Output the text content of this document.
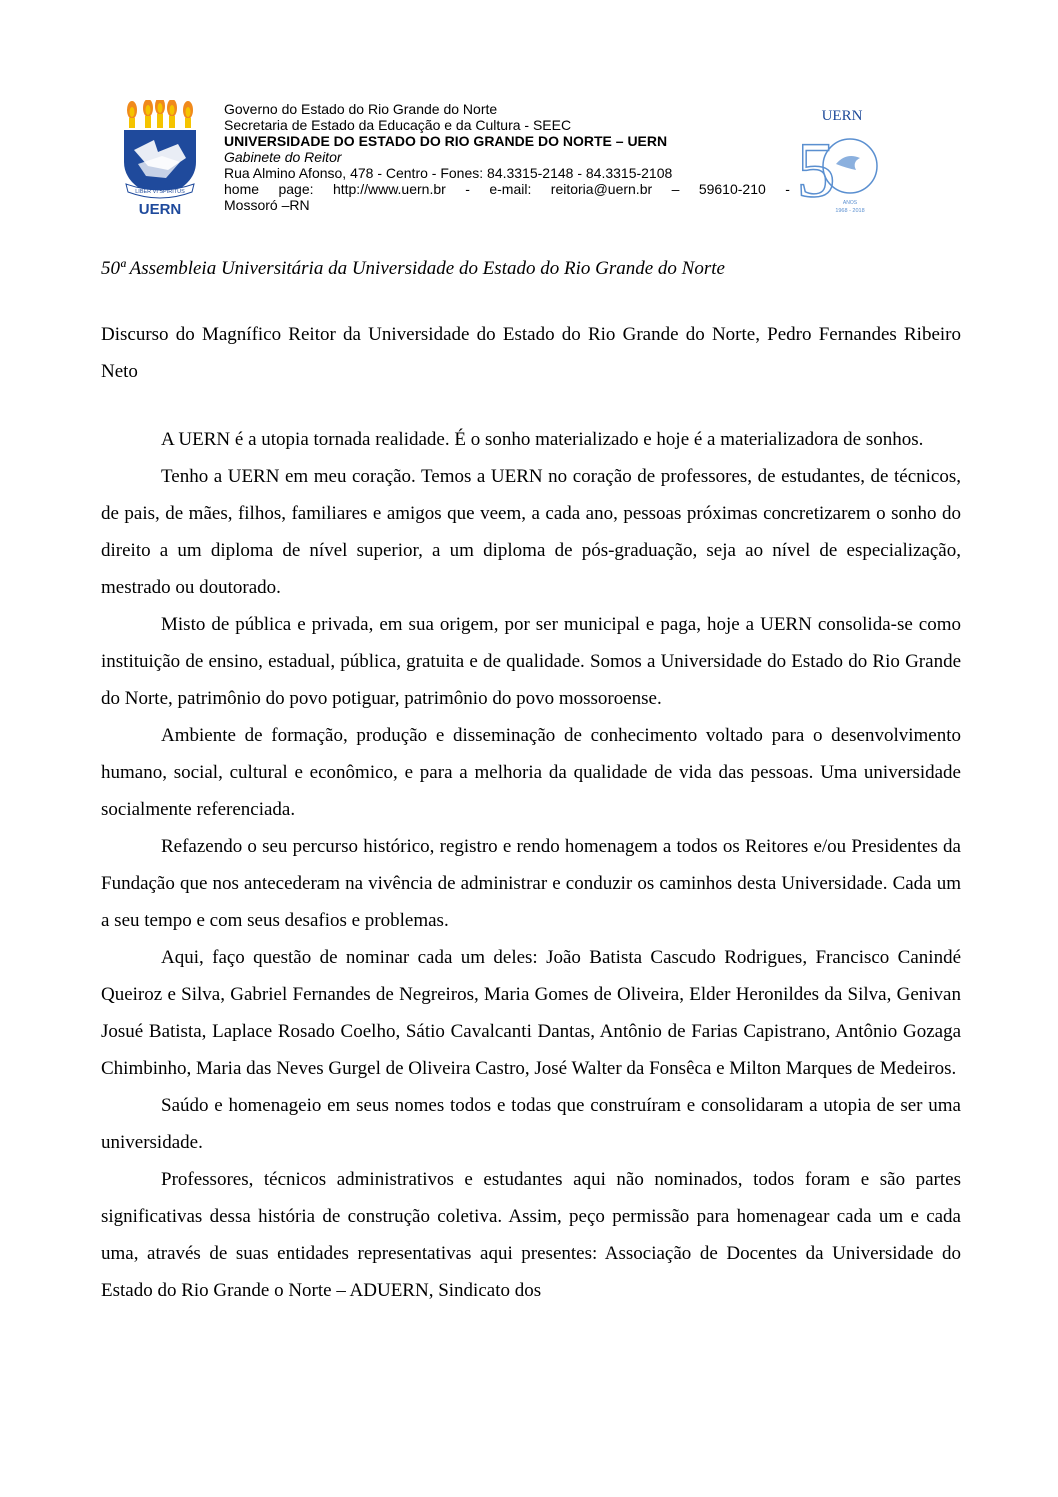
LIBER VI SPIRITUS
UERN
Governo do Estado do Rio Grande do Norte
Secretaria de Estado da Educação e da Cultura - SEEC
UNIVERSIDADE DO ESTADO DO RIO GRANDE DO NORTE – UERN
Gabinete do Reitor
Rua Almino Afonso, 478 - Centro - Fones: 84.3315-2148 - 84.3315-2108
home page: http://www.uern.br - e-mail: reitoria@uern.br – 59610-210 -
Mossoró –RN
UERN
5 ANOS
1968 - 2018
50ª Assembleia Universitária da Universidade do Estado do Rio Grande do Norte
Discurso do Magnífico Reitor da Universidade do Estado do Rio Grande do Norte, Pedro Fernandes Ribeiro Neto

A UERN é a utopia tornada realidade. É o sonho materializado e hoje é a materializadora de sonhos.

Tenho a UERN em meu coração. Temos a UERN no coração de professores, de estudantes, de técnicos, de pais, de mães, filhos, familiares e amigos que veem, a cada ano, pessoas próximas concretizarem o sonho do direito a um diploma de nível superior, a um diploma de pós-graduação, seja ao nível de especialização, mestrado ou doutorado.

Misto de pública e privada, em sua origem, por ser municipal e paga, hoje a UERN consolida-se como instituição de ensino, estadual, pública, gratuita e de qualidade. Somos a Universidade do Estado do Rio Grande do Norte, patrimônio do povo potiguar, patrimônio do povo mossoroense.

Ambiente de formação, produção e disseminação de conhecimento voltado para o desenvolvimento humano, social, cultural e econômico, e para a melhoria da qualidade de vida das pessoas. Uma universidade socialmente referenciada.

Refazendo o seu percurso histórico, registro e rendo homenagem a todos os Reitores e/ou Presidentes da Fundação que nos antecederam na vivência de administrar e conduzir os caminhos desta Universidade. Cada um a seu tempo e com seus desafios e problemas.

Aqui, faço questão de nominar cada um deles: João Batista Cascudo Rodrigues, Francisco Canindé Queiroz e Silva, Gabriel Fernandes de Negreiros, Maria Gomes de Oliveira, Elder Heronildes da Silva, Genivan Josué Batista, Laplace Rosado Coelho, Sátio Cavalcanti Dantas, Antônio de Farias Capistrano, Antônio Gozaga Chimbinho, Maria das Neves Gurgel de Oliveira Castro, José Walter da Fonsêca e Milton Marques de Medeiros.

Saúdo e homenageio em seus nomes todos e todas que construíram e consolidaram a utopia de ser uma universidade.

Professores, técnicos administrativos e estudantes aqui não nominados, todos foram e são partes significativas dessa história de construção coletiva. Assim, peço permissão para homenagear cada um e cada uma, através de suas entidades representativas aqui presentes: Associação de Docentes da Universidade do Estado do Rio Grande o Norte – ADUERN, Sindicato dos
